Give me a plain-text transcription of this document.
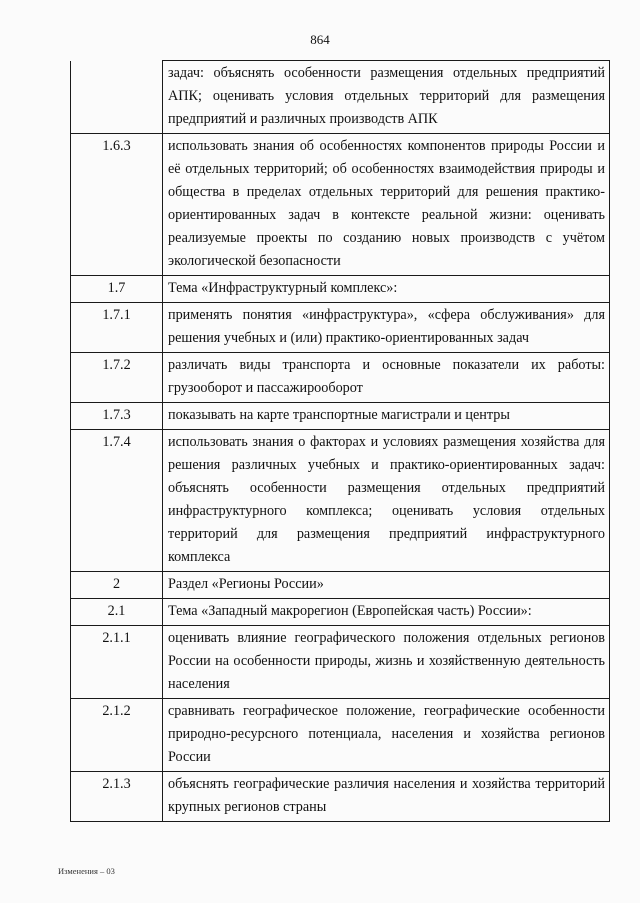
864
	задач: объяснять особенности размещения отдельных предприятий АПК; оценивать условия отдельных территорий для размещения предприятий и различных производств АПК
1.6.3	использовать знания об особенностях компонентов природы России и её отдельных территорий; об особенностях взаимодействия природы и общества в пределах отдельных территорий для решения практико-ориентированных задач в контексте реальной жизни: оценивать реализуемые проекты по созданию новых производств с учётом экологической безопасности
1.7	Тема «Инфраструктурный комплекс»:
1.7.1	применять понятия «инфраструктура», «сфера обслуживания» для решения учебных и (или) практико-ориентированных задач
1.7.2	различать виды транспорта и основные показатели их работы: грузооборот и пассажирооборот
1.7.3	показывать на карте транспортные магистрали и центры
1.7.4	использовать знания о факторах и условиях размещения хозяйства для решения различных учебных и практико-ориентированных задач: объяснять особенности размещения отдельных предприятий инфраструктурного комплекса; оценивать условия отдельных территорий для размещения предприятий инфраструктурного комплекса
2	Раздел «Регионы России»
2.1	Тема «Западный макрорегион (Европейская часть) России»:
2.1.1	оценивать влияние географического положения отдельных регионов России на особенности природы, жизнь и хозяйственную деятельность населения
2.1.2	сравнивать географическое положение, географические особенности природно-ресурсного потенциала, населения и хозяйства регионов России
2.1.3	объяснять географические различия населения и хозяйства территорий крупных регионов страны
Изменения – 03
